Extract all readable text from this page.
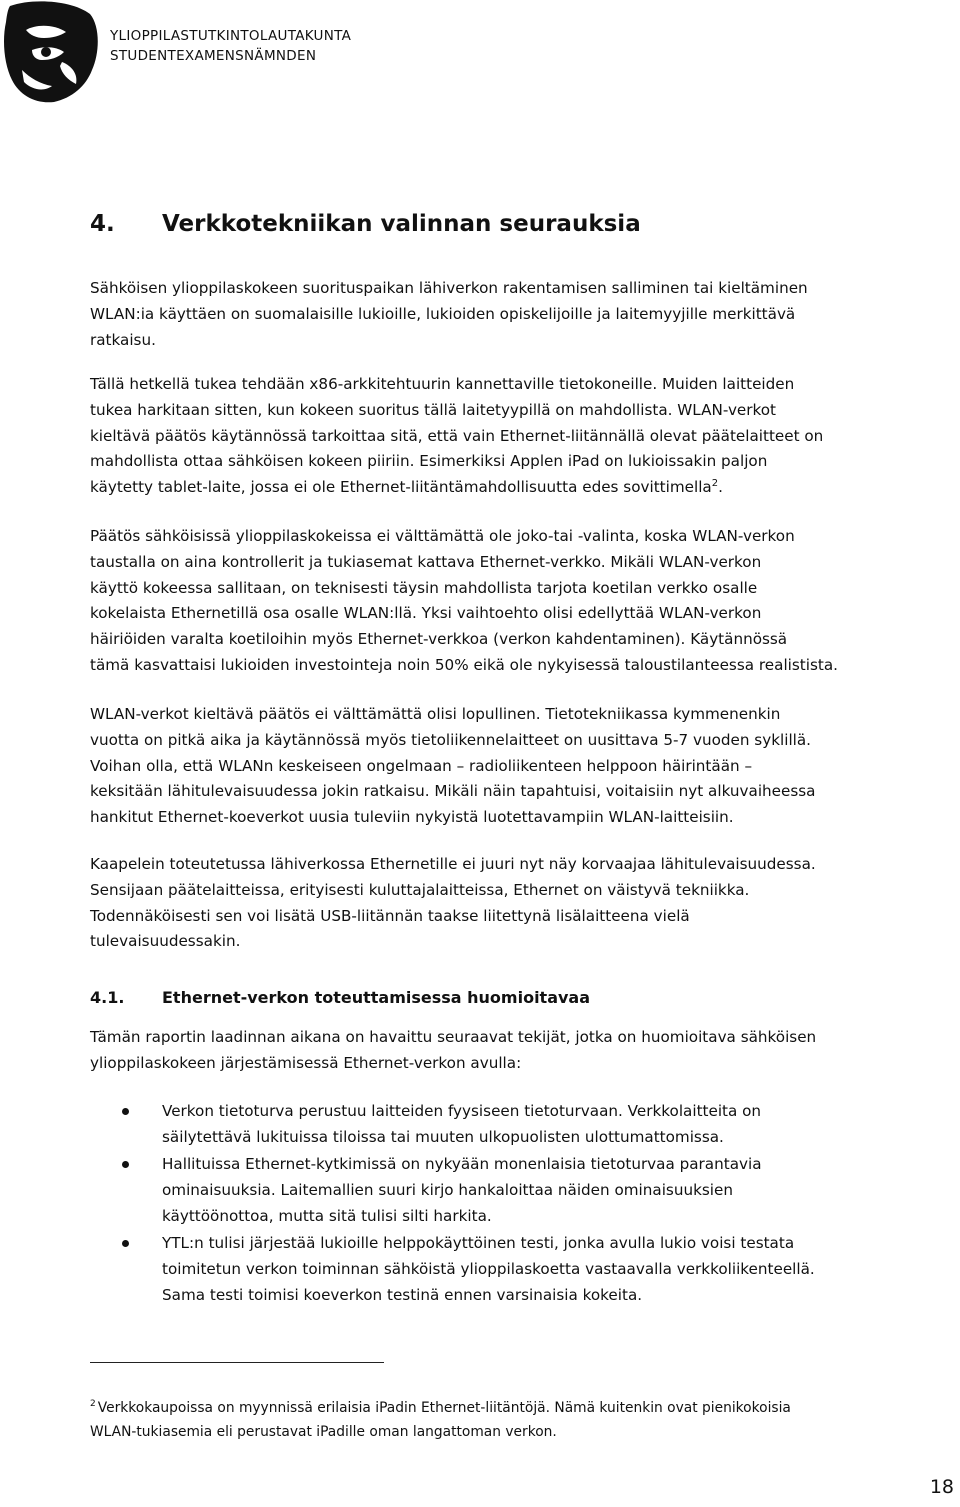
YLIOPPILASTUTKINTOLAUTAKUNTA
STUDENTEXAMENSNÄMNDEN
4. Verkkotekniikan valinnan seurauksia

Sähköisen ylioppilaskokeen suorituspaikan lähiverkon rakentamisen salliminen tai kieltäminen
WLAN:ia käyttäen on suomalaisille lukioille, lukioiden opiskelijoille ja laitemyyjille merkittävä
ratkaisu.

Tällä hetkellä tukea tehdään x86-arkkitehtuurin kannettaville tietokoneille. Muiden laitteiden
tukea harkitaan sitten, kun kokeen suoritus tällä laitetyypillä on mahdollista. WLAN-verkot
kieltävä päätös käytännössä tarkoittaa sitä, että vain Ethernet-liitännällä olevat päätelaitteet on
mahdollista ottaa sähköisen kokeen piiriin. Esimerkiksi Applen iPad on lukioissakin paljon
käytetty tablet-laite, jossa ei ole Ethernet-liitäntämahdollisuutta edes sovittimella$^2$.

Päätös sähköisissä ylioppilaskokeissa ei välttämättä ole joko-tai -valinta, koska WLAN-verkon
taustalla on aina kontrollerit ja tukiasemat kattava Ethernet-verkko. Mikäli WLAN-verkon
käyttö kokeessa sallitaan, on teknisesti täysin mahdollista tarjota koetilan verkko osalle
kokelaista Ethernetillä osa osalle WLAN:llä. Yksi vaihtoehto olisi edellyttää WLAN-verkon
häiriöiden varalta koetiloihin myös Ethernet-verkkoa (verkon kahdentaminen). Käytännössä
tämä kasvattaisi lukioiden investointeja noin 50% eikä ole nykyisessä taloustilanteessa realistista.

WLAN-verkot kieltävä päätös ei välttämättä olisi lopullinen. Tietotekniikassa kymmenenkin
vuotta on pitkä aika ja käytännössä myös tietoliikennelaitteet on uusittava 5-7 vuoden syklillä.
Voihan olla, että WLANn keskeiseen ongelmaan – radioliikenteen helppoon häirintään –
keksitään lähitulevaisuudessa jokin ratkaisu. Mikäli näin tapahtuisi, voitaisiin nyt alkuvaiheessa
hankitut Ethernet-koeverkot uusia tuleviin nykyistä luotettavampiin WLAN-laitteisiin.

Kaapelein toteutetussa lähiverkossa Ethernetille ei juuri nyt näy korvaajaa lähitulevaisuudessa.
Sensijaan päätelaitteissa, erityisesti kuluttajalaitteissa, Ethernet on väistyvä tekniikka.
Todennäköisesti sen voi lisätä USB-liitännän taakse liitettynä lisälaitteena vielä
tulevaisuudessakin.

4.1. Ethernet-verkon toteuttamisessa huomioitavaa

Tämän raportin laadinnan aikana on havaittu seuraavat tekijät, jotka on huomioitava sähköisen
ylioppilaskokeen järjestämisessä Ethernet-verkon avulla:

Verkon tietoturva perustuu laitteiden fyysiseen tietoturvaan. Verkkolaitteita on
säilytettävä lukituissa tiloissa tai muuten ulkopuolisten ulottumattomissa.
Hallituissa Ethernet-kytkimissä on nykyään monenlaisia tietoturvaa parantavia
ominaisuuksia. Laitemallien suuri kirjo hankaloittaa näiden ominaisuuksien
käyttöönottoa, mutta sitä tulisi silti harkita.
YTL:n tulisi järjestää lukioille helppokäyttöinen testi, jonka avulla lukio voisi testata
toimitetun verkon toiminnan sähköistä ylioppilaskoetta vastaavalla verkkoliikenteellä.
Sama testi toimisi koeverkon testinä ennen varsinaisia kokeita.
$^2$ Verkkokaupoissa on myynnissä erilaisia iPadin Ethernet-liitäntöjä. Nämä kuitenkin ovat pienikokoisia
WLAN-tukiasemia eli perustavat iPadille oman langattoman verkon.
18
